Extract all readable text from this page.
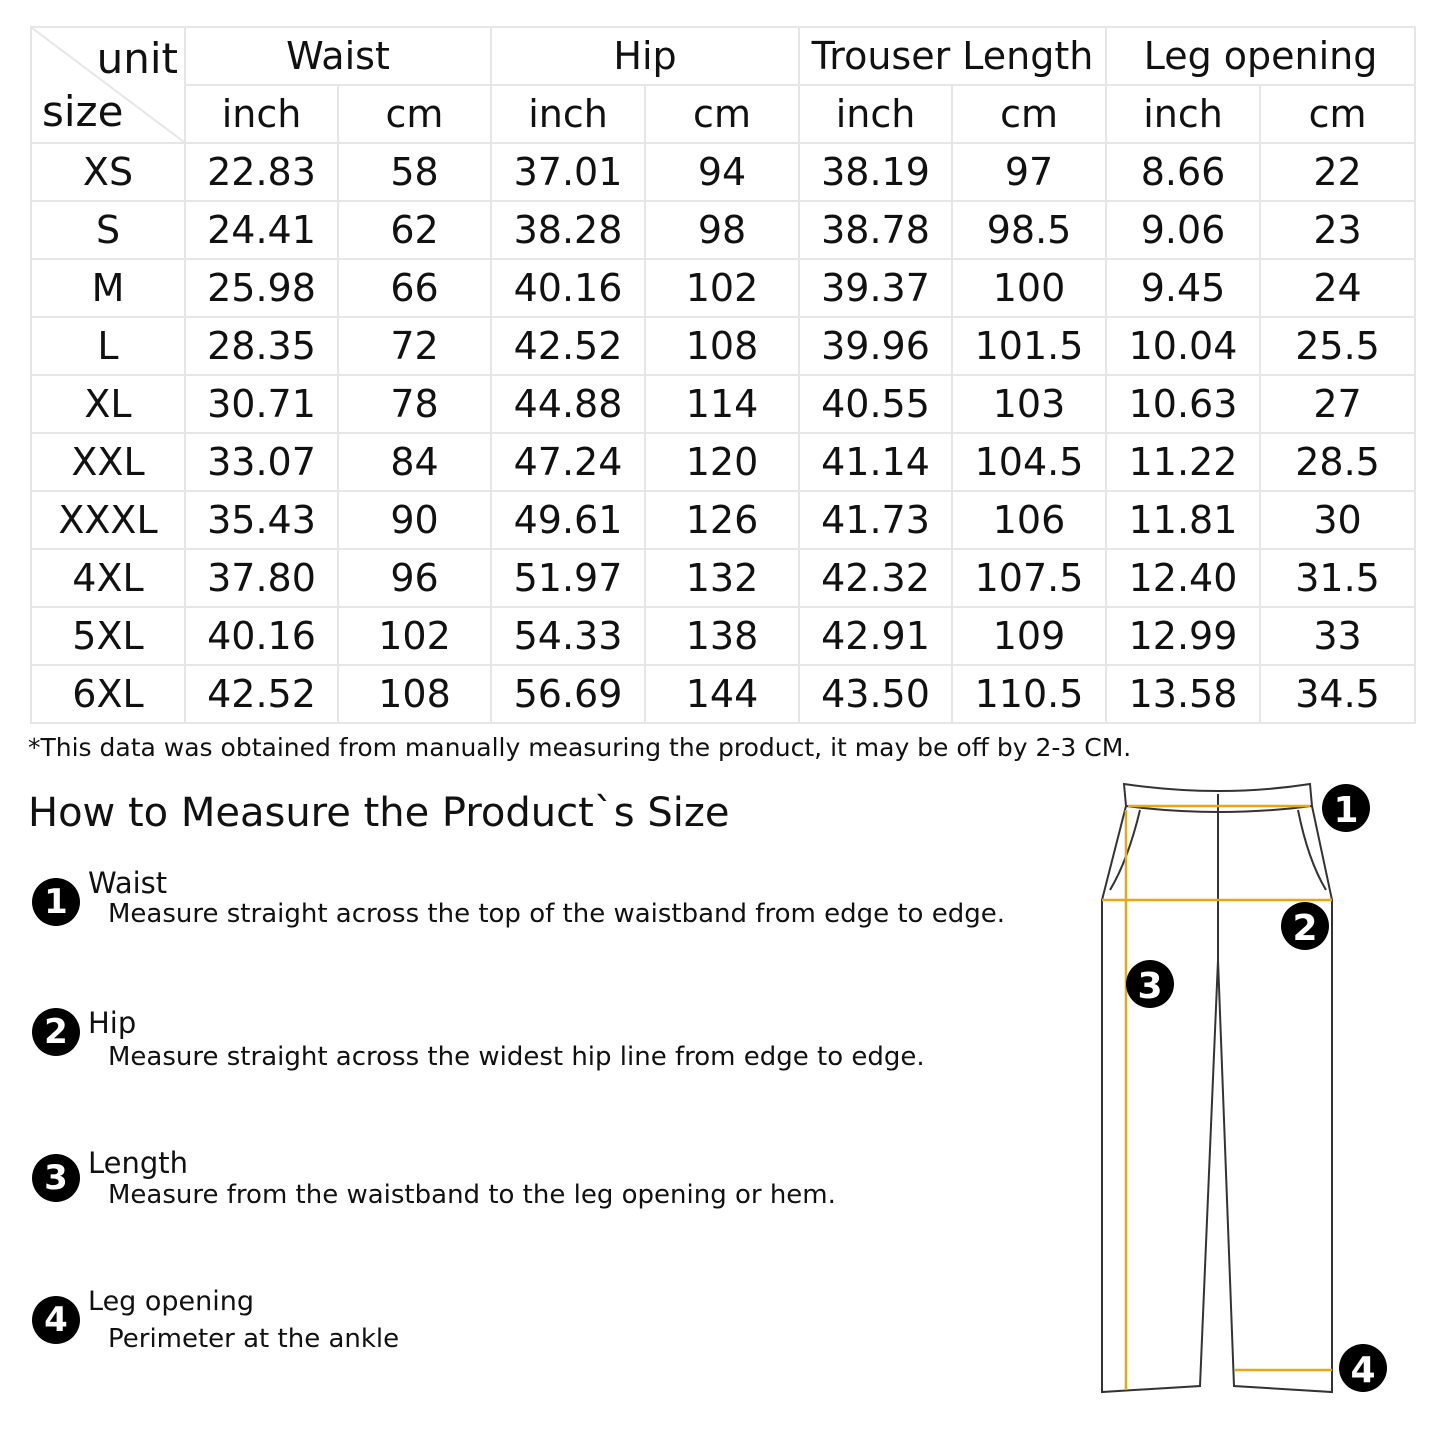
unit
size	Waist		Hip		Trouser Length		Leg opening	
	inch	cm	inch	cm	inch	cm	inch	cm
XS	22.83	58	37.01	94	38.19	97	8.66	22
S	24.41	62	38.28	98	38.78	98.5	9.06	23
M	25.98	66	40.16	102	39.37	100	9.45	24
L	28.35	72	42.52	108	39.96	101.5	10.04	25.5
XL	30.71	78	44.88	114	40.55	103	10.63	27
XXL	33.07	84	47.24	120	41.14	104.5	11.22	28.5
XXXL	35.43	90	49.61	126	41.73	106	11.81	30
4XL	37.80	96	51.97	132	42.32	107.5	12.40	31.5
5XL	40.16	102	54.33	138	42.91	109	12.99	33
6XL	42.52	108	56.69	144	43.50	110.5	13.58	34.5
*This data was obtained from manually measuring the product, it may be off by 2-3 CM.
How to Measure the Product`s Size
1 Waist
Measure straight across the top of the waistband from edge to edge.
2 Hip
Measure straight across the widest hip line from edge to edge.
3 Length
Measure from the waistband to the leg opening or hem.
4 Leg opening
Perimeter at the ankle
1
2
3
4
